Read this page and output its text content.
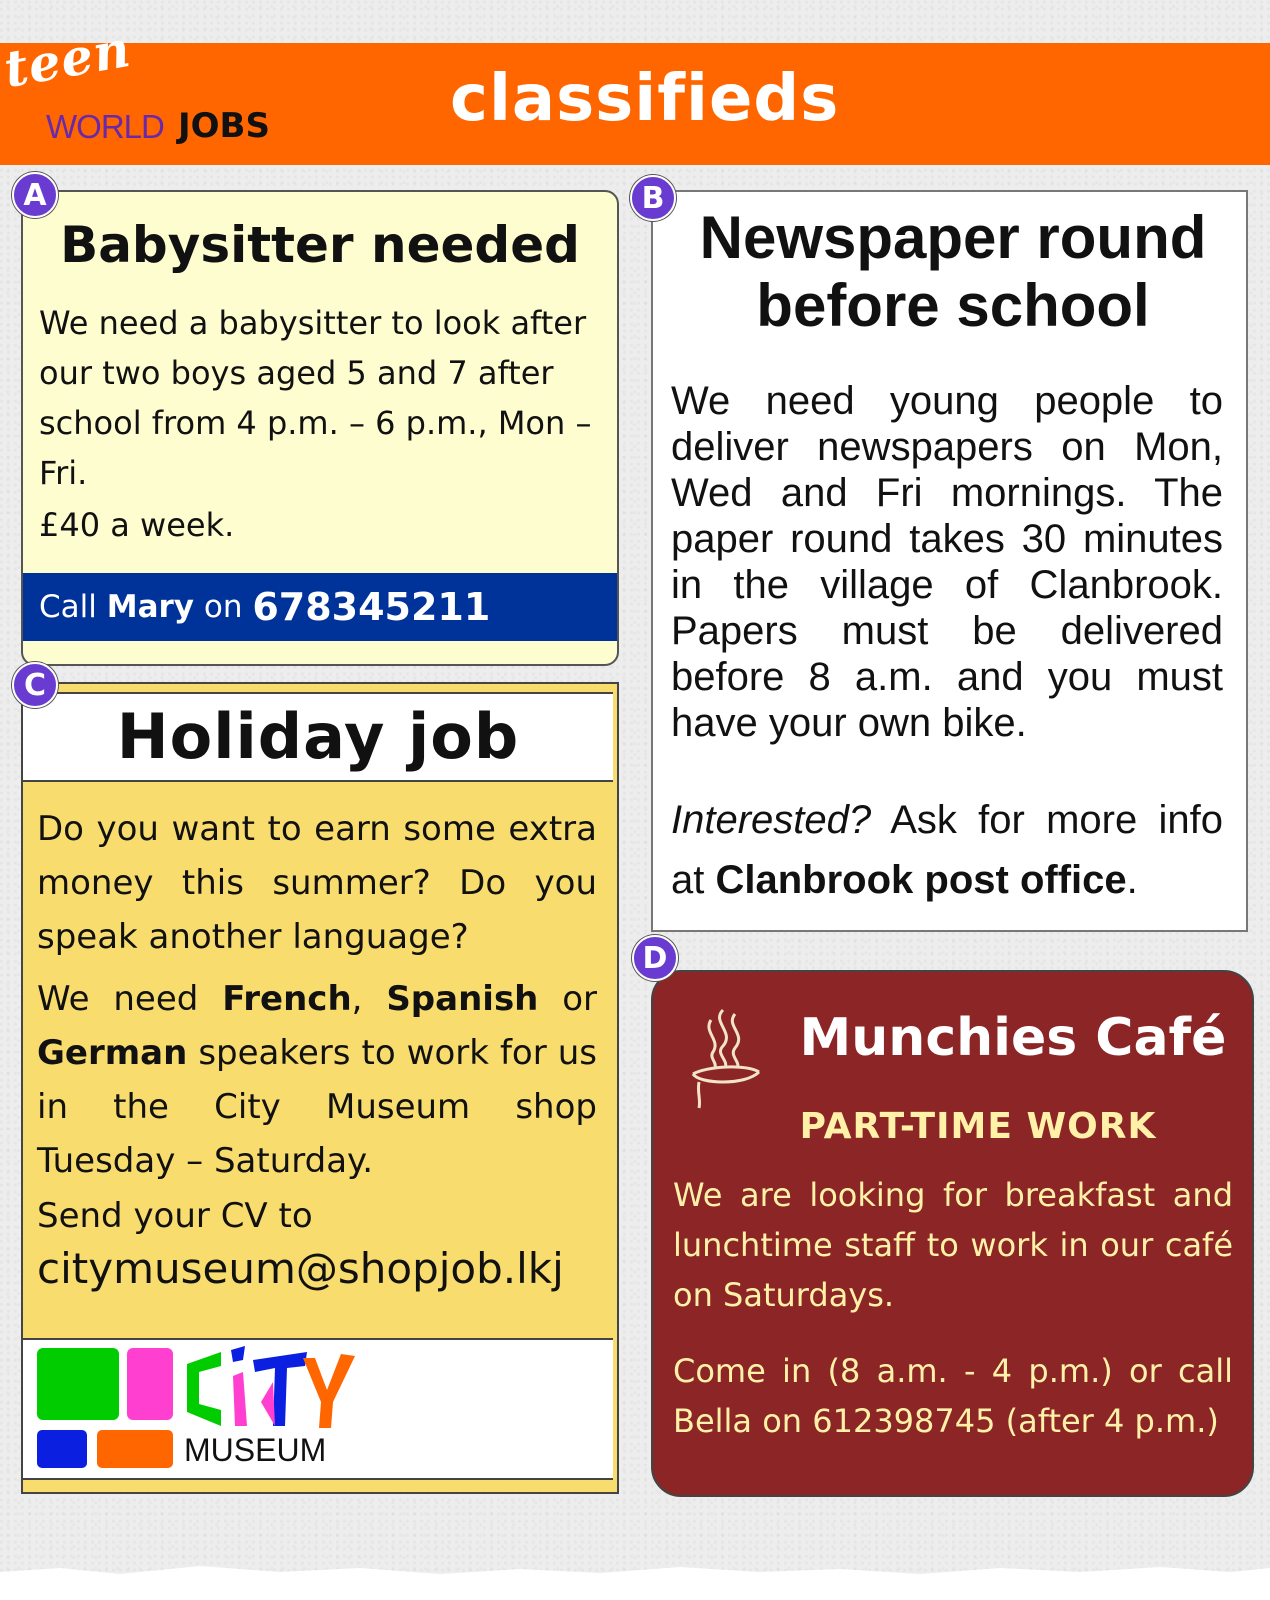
teen
WORLD JOBS	classifieds
Babysitter needed
We need a babysitter to look after our two boys aged 5 and 7 after school from 4 p.m. – 6 p.m., Mon – Fri.
£40 a week.
Call
Mary
on
678345211
A
Newspaper round before school
We need young people to deliver newspapers on Mon, Wed and Fri mornings. The paper round takes 30 minutes in the village of Clanbrook. Papers must be delivered before 8 a.m. and you must have your own bike.
Interested? Ask for more info at Clanbrook post office.
B
Holiday job
Do you want to earn some extra money this summer? Do you speak another language?
We need French, Spanish or German speakers to work for us in the City Museum shop Tuesday – Saturday.
Send your CV to
citymuseum@shopjob.lkj
CITY
MUSEUM
C
Munchies Café
PART-TIME WORK
We are looking for breakfast and lunchtime staff to work in our café on Saturdays.
Come in (8 a.m. - 4 p.m.) or call Bella on 612398745 (after 4 p.m.)
D
